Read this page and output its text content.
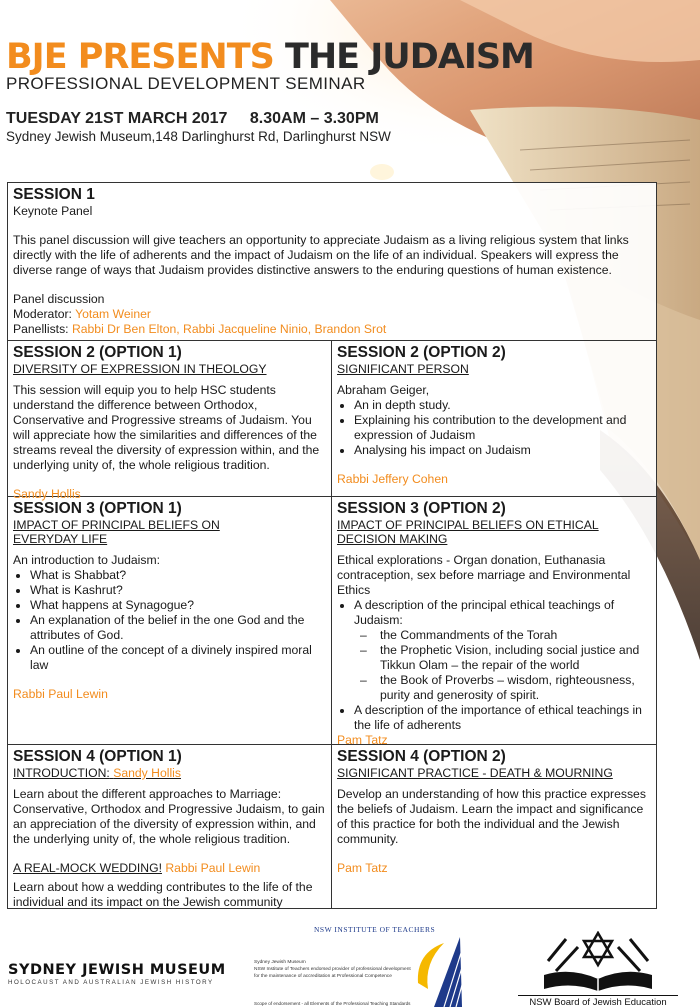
BJE PRESENTS THE JUDAISM
PROFESSIONAL DEVELOPMENT SEMINAR
TUESDAY 21ST MARCH 2017 8.30AM – 3.30PM
Sydney Jewish Museum,148 Darlinghurst Rd, Darlinghurst NSW
SESSION 1
Keynote Panel
This panel discussion will give teachers an opportunity to appreciate Judaism as a living religious system that links directly with the life of adherents and the impact of Judaism on the life of an individual. Speakers will express the diverse range of ways that Judaism provides distinctive answers to the enduring questions of human existence.
Panel discussion
Moderator: Yotam Weiner
Panellists: Rabbi Dr Ben Elton, Rabbi Jacqueline Ninio, Brandon Srot
SESSION 2 (OPTION 1)
DIVERSITY OF EXPRESSION IN THEOLOGY
This session will equip you to help HSC students understand the difference between Orthodox, Conservative and Progressive streams of Judaism. You will appreciate how the similarities and differences of the streams reveal the diversity of expression within, and the underlying unity of, the whole religious tradition.
Sandy Hollis
SESSION 2 (OPTION 2)
SIGNIFICANT PERSON
Abraham Geiger,
• An in depth study.
• Explaining his contribution to the development and expression of Judaism
• Analysing his impact on Judaism
Rabbi Jeffery Cohen
SESSION 3 (OPTION 1)
IMPACT OF PRINCIPAL BELIEFS ON
EVERYDAY LIFE
An introduction to Judaism:
• What is Shabbat?
• What is Kashrut?
• What happens at Synagogue?
• An explanation of the belief in the one God and the attributes of God.
• An outline of the concept of a divinely inspired moral law
Rabbi Paul Lewin
SESSION 3 (OPTION 2)
IMPACT OF PRINCIPAL BELIEFS ON ETHICAL
DECISION MAKING
Ethical explorations - Organ donation, Euthanasia contraception, sex before marriage and Environmental Ethics
• A description of the principal ethical teachings of Judaism:
– the Commandments of the Torah
– the Prophetic Vision, including social justice and Tikkun Olam – the repair of the world
– the Book of Proverbs – wisdom, righteousness, purity and generosity of spirit.
• A description of the importance of ethical teachings in the life of adherents
Pam Tatz
SESSION 4 (OPTION 1)
INTRODUCTION: Sandy Hollis
Learn about the different approaches to Marriage: Conservative, Orthodox and Progressive Judaism, to gain an appreciation of the diversity of expression within, and the underlying unity of, the whole religious tradition.
A REAL-MOCK WEDDING! Rabbi Paul Lewin
Learn about how a wedding contributes to the life of the individual and its impact on the Jewish community
SESSION 4 (OPTION 2)
SIGNIFICANT PRACTICE - DEATH & MOURNING
Develop an understanding of how this practice expresses the beliefs of Judaism. Learn the impact and significance of this practice for both the individual and the Jewish community.
Pam Tatz
SYDNEY JEWISH MUSEUM
HOLOCAUST AND AUSTRALIAN JEWISH HISTORY
NSW INSTITUTE OF TEACHERS
Sydney Jewish Museum
NSW Institute of Teachers endorsed provider of professional development
for the maintenance of accreditation at Professional Competence
Scope of endorsement - all Elements of the Professional Teaching Standards	NSW Board of Jewish Education
